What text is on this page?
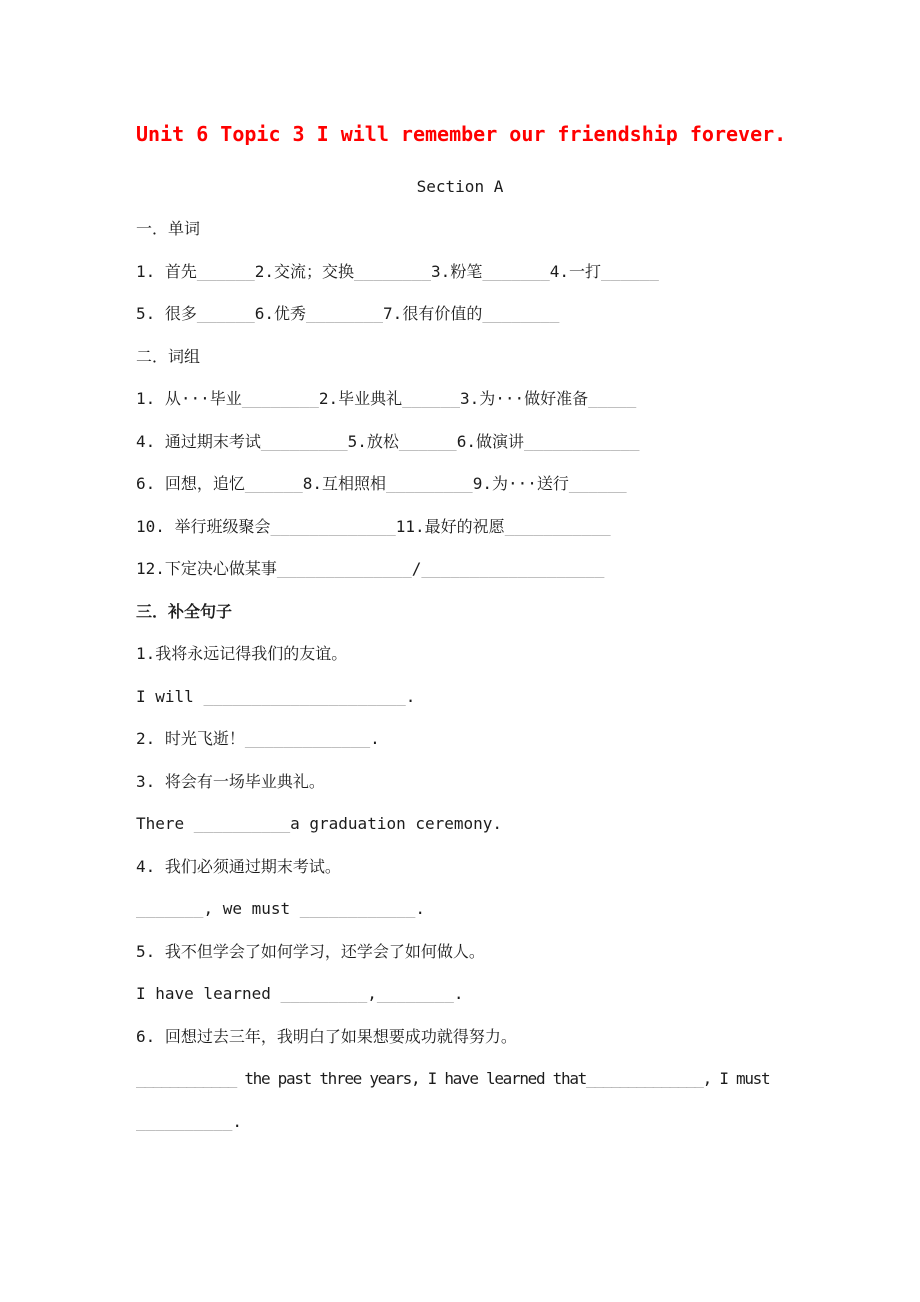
Unit 6 Topic 3 I will remember our friendship forever.
Section A
一．单词
1. 首先______2.交流；交换________3.粉笔_______4.一打______
5. 很多______6.优秀________7.很有价值的________
二．词组
1. 从···毕业________2.毕业典礼______3.为···做好准备_____
4. 通过期末考试_________5.放松______6.做演讲____________
6. 回想，追忆______8.互相照相_________9.为···送行______
10. 举行班级聚会_____________11.最好的祝愿___________
12.下定决心做某事______________/___________________
三．补全句子
1.我将永远记得我们的友谊。
I will _____________________.
2. 时光飞逝！_____________.
3. 将会有一场毕业典礼。
There __________a graduation ceremony.
4. 我们必须通过期末考试。
_______, we must ____________.
5. 我不但学会了如何学习，还学会了如何做人。
I have learned _________,________.
6. 回想过去三年，我明白了如果想要成功就得努力。
____________ the past three years, I have learned that______________, I must
__________.
